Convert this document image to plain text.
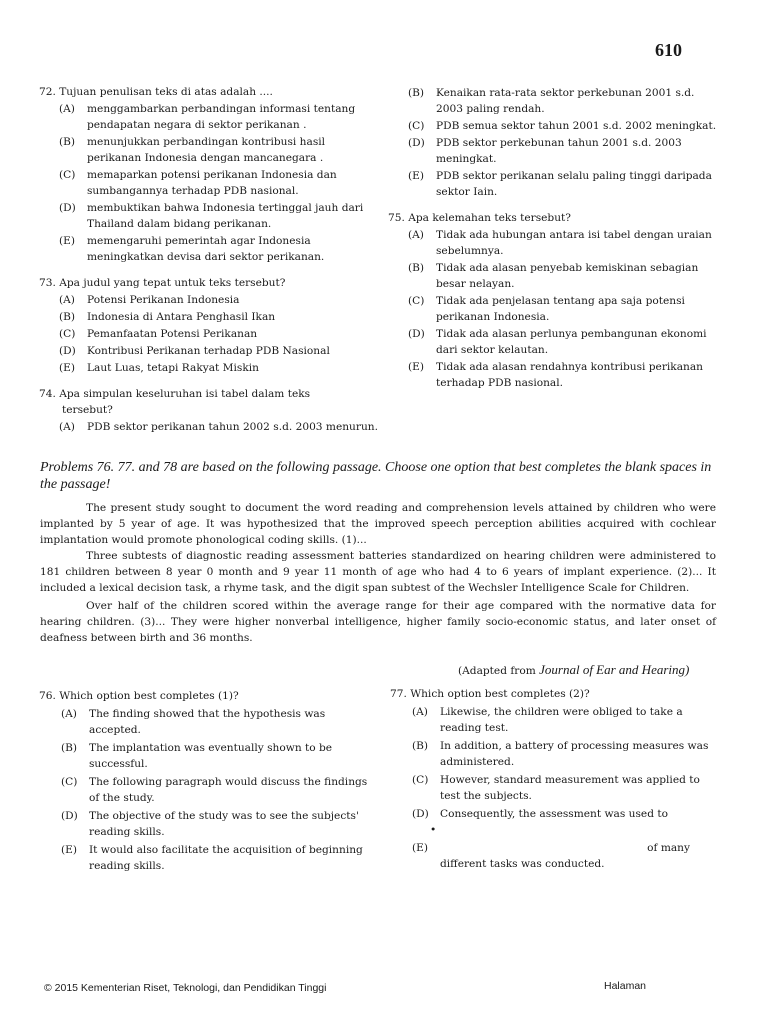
610
72. Tujuan penulisan teks di atas adalah ....
(A)	menggambarkan perbandingan informasi tentang pendapatan negara di sektor perikanan .
(B)	menunjukkan perbandingan kontribusi hasil perikanan Indonesia dengan mancanegara .
(C)	memaparkan potensi perikanan Indonesia dan sumbangannya terhadap PDB nasional.
(D)	membuktikan bahwa Indonesia tertinggal jauh dari Thailand dalam bidang perikanan.
(E)	memengaruhi pemerintah agar Indonesia meningkatkan devisa dari sektor perikanan.
73. Apa judul yang tepat untuk teks tersebut?
(A)	Potensi Perikanan Indonesia
(B)	Indonesia di Antara Penghasil Ikan
(C)	Pemanfaatan Potensi Perikanan
(D)	Kontribusi Perikanan terhadap PDB Nasional
(E)	Laut Luas, tetapi Rakyat Miskin
74. Apa simpulan keseluruhan isi tabel dalam teks
tersebut?
(A)	PDB sektor perikanan tahun 2002 s.d. 2003 menurun.
(B)	Kenaikan rata-rata sektor perkebunan 2001 s.d. 2003 paling rendah.
(C)	PDB semua sektor tahun 2001 s.d. 2002 meningkat.
(D)	PDB sektor perkebunan tahun 2001 s.d. 2003 meningkat.
(E)	PDB sektor perikanan selalu paling tinggi daripada sektor Iain.
75. Apa kelemahan teks tersebut?
(A)	Tidak ada hubungan antara isi tabel dengan uraian sebelumnya.
(B)	Tidak ada alasan penyebab kemiskinan sebagian besar nelayan.
(C)	Tidak ada penjelasan tentang apa saja potensi perikanan Indonesia.
(D)	Tidak ada alasan perlunya pembangunan ekonomi dari sektor kelautan.
(E)	Tidak ada alasan rendahnya kontribusi perikanan terhadap PDB nasional.
Problems 76. 77. and 78 are based on the following passage. Choose one option that best completes the blank spaces in the passage!

The present study sought to document the word reading and comprehension levels attained by children who were implanted by 5 year of age. It was hypothesized that the improved speech perception abilities acquired with cochlear implantation would promote phonological coding skills. (1)...

Three subtests of diagnostic reading assessment batteries standardized on hearing children were administered to 181 children between 8 year 0 month and 9 year 11 month of age who had 4 to 6 years of implant experience. (2)... It included a lexical decision task, a rhyme task, and the digit span subtest of the Wechsler Intelligence Scale for Children.

Over half of the children scored within the average range for their age compared with the normative data for hearing children. (3)... They were higher nonverbal intelligence, higher family socio-economic status, and later onset of deafness between birth and 36 months.

(Adapted from Journal of Ear and Hearing)
76. Which option best completes (1)?
(A)	The finding showed that the hypothesis was accepted.
(B)	The implantation was eventually shown to be successful.
(C)	The following paragraph would discuss the findings of the study.
(D)	The objective of the study was to see the subjects' reading skills.
(E)	It would also facilitate the acquisition of beginning reading skills.
77. Which option best completes (2)?
(A)	Likewise, the children were obliged to take a reading test.
(B)	In addition, a battery of processing measures was administered.
(C)	However, standard measurement was applied to test the subjects.
(D)	Consequently, the assessment was used to
•
(E)	of many
different tasks was conducted.
© 2015 Kementerian Riset, Teknologi, dan Pendidikan Tinggi	Halaman
